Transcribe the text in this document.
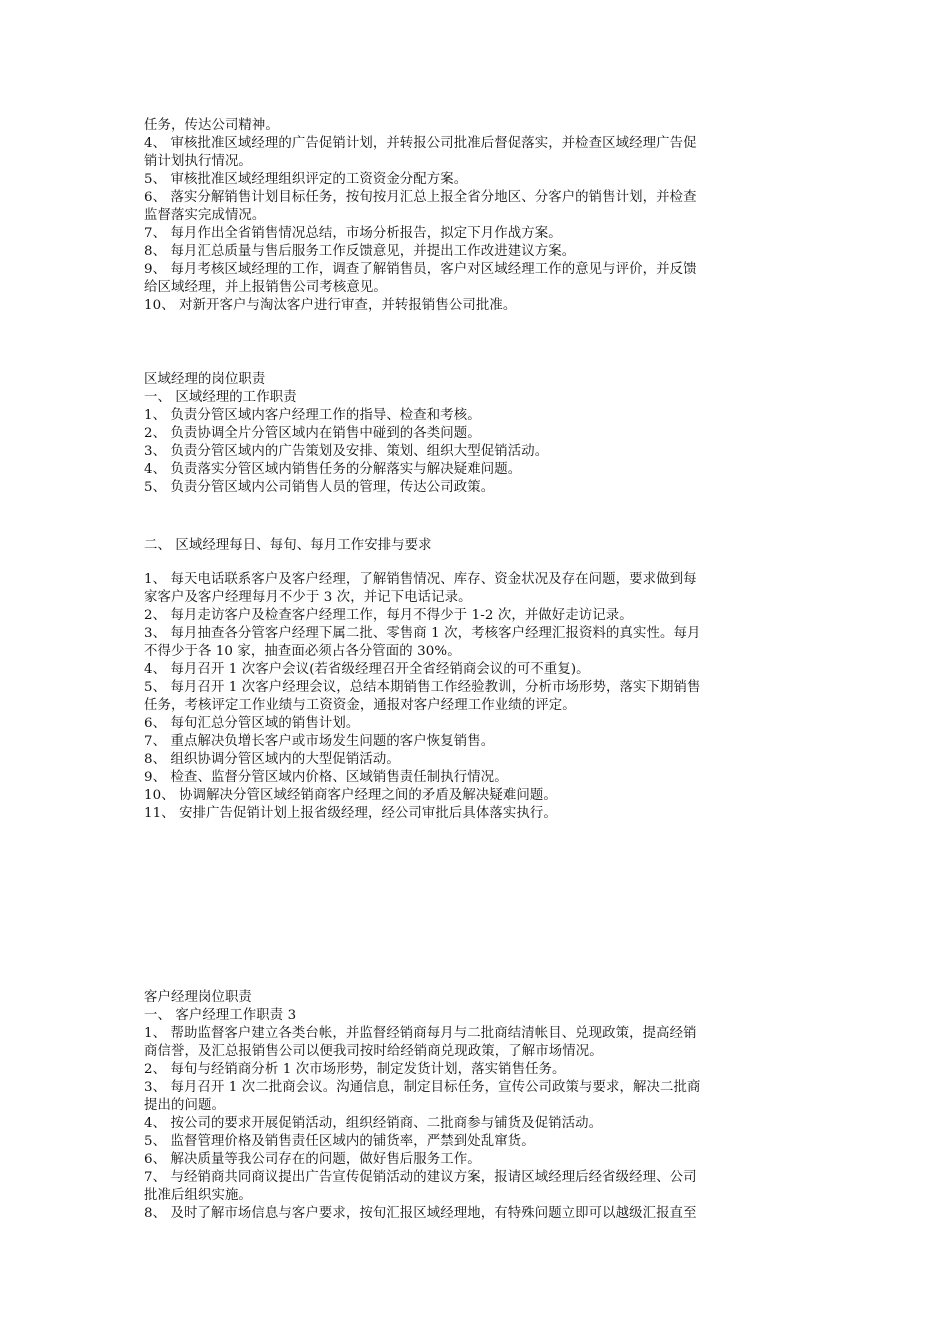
任务，传达公司精神。
4、 审核批准区域经理的广告促销计划，并转报公司批准后督促落实，并检查区域经理广告促
销计划执行情况。
5、 审核批准区域经理组织评定的工资资金分配方案。
6、 落实分解销售计划目标任务，按旬按月汇总上报全省分地区、分客户的销售计划，并检查
监督落实完成情况。
7、 每月作出全省销售情况总结，市场分析报告，拟定下月作战方案。
8、 每月汇总质量与售后服务工作反馈意见，并提出工作改进建议方案。
9、 每月考核区域经理的工作，调查了解销售员，客户对区域经理工作的意见与评价，并反馈
给区域经理，并上报销售公司考核意见。
10、 对新开客户与淘汰客户进行审查，并转报销售公司批准。
区域经理的岗位职责
一、 区域经理的工作职责
1、 负责分管区域内客户经理工作的指导、检查和考核。
2、 负责协调全片分管区域内在销售中碰到的各类问题。
3、 负责分管区域内的广告策划及安排、策划、组织大型促销活动。
4、 负责落实分管区域内销售任务的分解落实与解决疑难问题。
5、 负责分管区域内公司销售人员的管理，传达公司政策。
二、 区域经理每日、每旬、每月工作安排与要求
1、 每天电话联系客户及客户经理，了解销售情况、库存、资金状况及存在问题，要求做到每
家客户及客户经理每月不少于 3 次，并记下电话记录。
2、 每月走访客户及检查客户经理工作，每月不得少于 1-2 次，并做好走访记录。
3、 每月抽查各分管客户经理下属二批、零售商 1 次，考核客户经理汇报资料的真实性。每月
不得少于各 10 家，抽查面必须占各分管面的 30%。
4、 每月召开 1 次客户会议(若省级经理召开全省经销商会议的可不重复)。
5、 每月召开 1 次客户经理会议，总结本期销售工作经验教训，分析市场形势，落实下期销售
任务，考核评定工作业绩与工资资金，通报对客户经理工作业绩的评定。
6、 每旬汇总分管区域的销售计划。
7、 重点解决负增长客户或市场发生问题的客户恢复销售。
8、 组织协调分管区域内的大型促销活动。
9、 检查、监督分管区域内价格、区域销售责任制执行情况。
10、 协调解决分管区域经销商客户经理之间的矛盾及解决疑难问题。
11、 安排广告促销计划上报省级经理，经公司审批后具体落实执行。
客户经理岗位职责
一、 客户经理工作职责 3
1、 帮助监督客户建立各类台帐，并监督经销商每月与二批商结清帐目、兑现政策，提高经销
商信誉，及汇总报销售公司以便我司按时给经销商兑现政策，了解市场情况。
2、 每旬与经销商分析 1 次市场形势，制定发货计划，落实销售任务。
3、 每月召开 1 次二批商会议。沟通信息，制定目标任务，宣传公司政策与要求，解决二批商
提出的问题。
4、 按公司的要求开展促销活动，组织经销商、二批商参与铺货及促销活动。
5、 监督管理价格及销售责任区域内的铺货率，严禁到处乱窜货。
6、 解决质量等我公司存在的问题，做好售后服务工作。
7、 与经销商共同商议提出广告宣传促销活动的建议方案，报请区域经理后经省级经理、公司
批准后组织实施。
8、 及时了解市场信息与客户要求，按旬汇报区域经理地，有特殊问题立即可以越级汇报直至
